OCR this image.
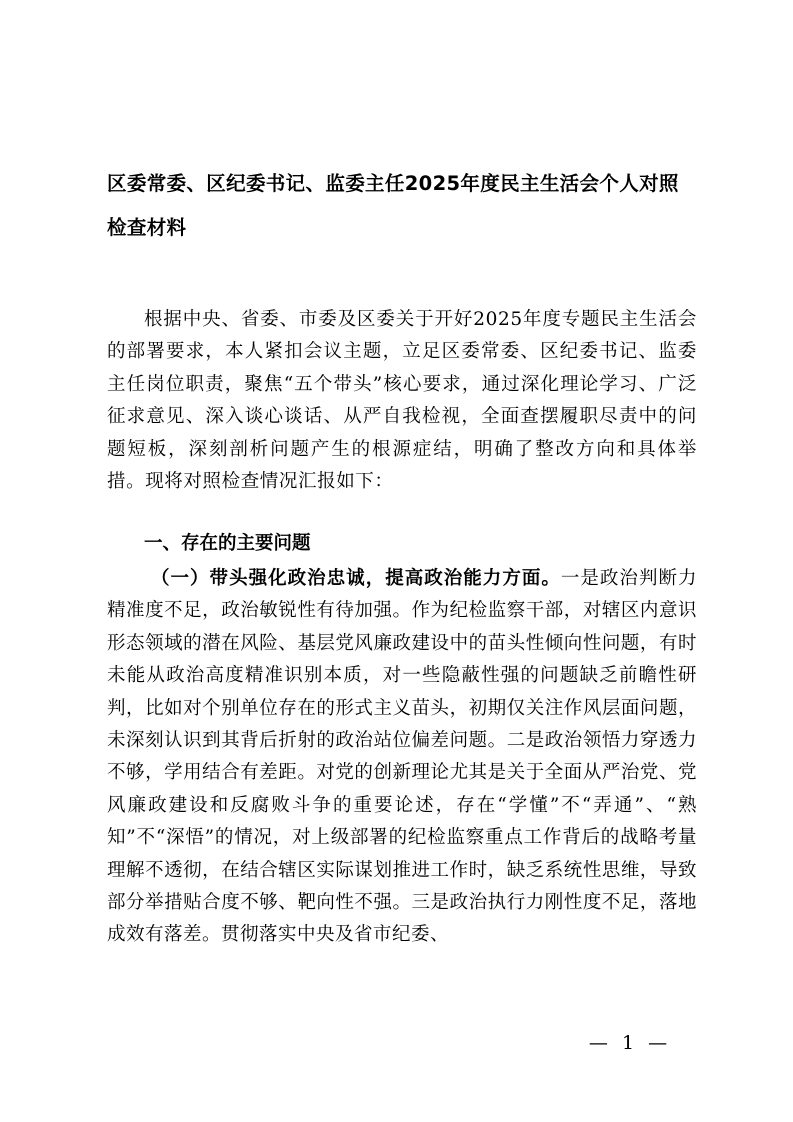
区委常委、区纪委书记、监委主任2025年度民主生活会个人对照检查材料

根据中央、省委、市委及区委关于开好2025年度专题民主生活会的部署要求，本人紧扣会议主题，立足区委常委、区纪委书记、监委主任岗位职责，聚焦“五个带头”核心要求，通过深化理论学习、广泛征求意见、深入谈心谈话、从严自我检视，全面查摆履职尽责中的问题短板，深刻剖析问题产生的根源症结，明确了整改方向和具体举措。现将对照检查情况汇报如下：

一、存在的主要问题

（一）带头强化政治忠诚，提高政治能力方面。一是政治判断力精准度不足，政治敏锐性有待加强。作为纪检监察干部，对辖区内意识形态领域的潜在风险、基层党风廉政建设中的苗头性倾向性问题，有时未能从政治高度精准识别本质，对一些隐蔽性强的问题缺乏前瞻性研判，比如对个别单位存在的形式主义苗头，初期仅关注作风层面问题，未深刻认识到其背后折射的政治站位偏差问题。二是政治领悟力穿透力不够，学用结合有差距。对党的创新理论尤其是关于全面从严治党、党风廉政建设和反腐败斗争的重要论述，存在“学懂”不“弄通”、“熟知”不“深悟”的情况，对上级部署的纪检监察重点工作背后的战略考量理解不透彻，在结合辖区实际谋划推进工作时，缺乏系统性思维，导致部分举措贴合度不够、靶向性不强。三是政治执行力刚性度不足，落地成效有落差。贯彻落实中央及省市纪委、

— 1 —
